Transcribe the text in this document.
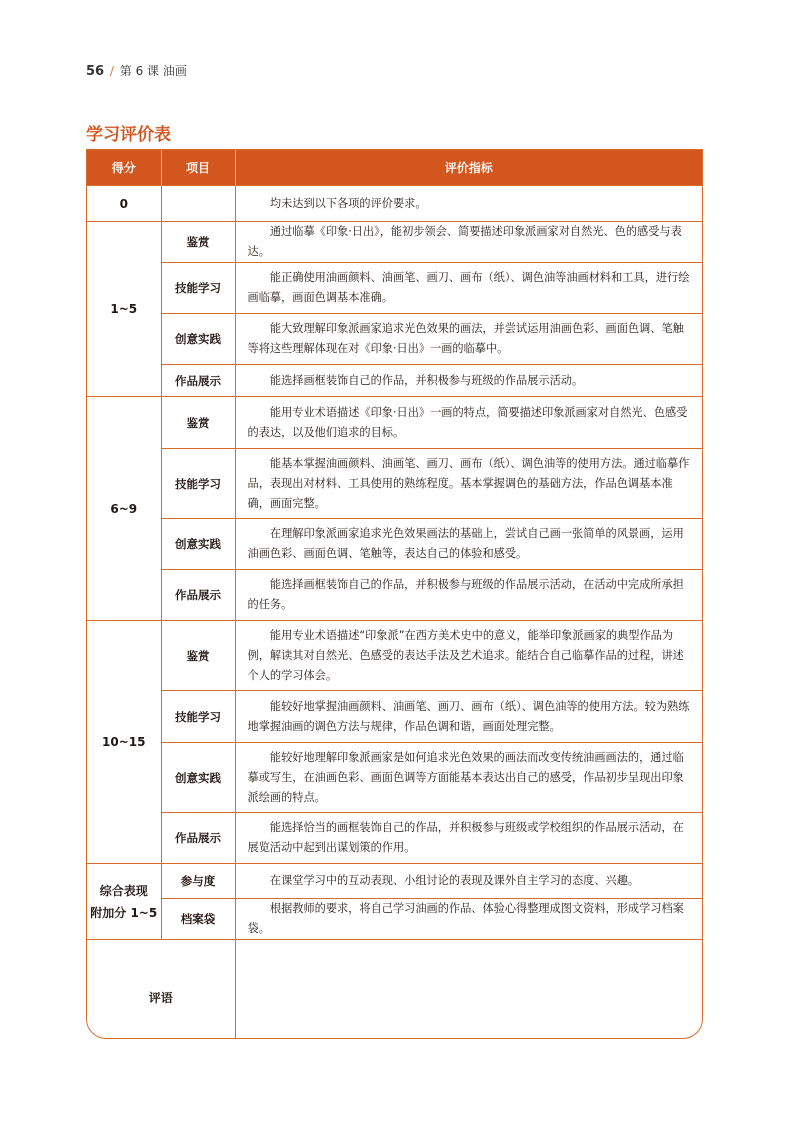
56 / 第 6 课 油画
学习评价表
得分	项目	评价指标
0		均未达到以下各项的评价要求。
1~5	鉴赏	通过临摹《印象·日出》，能初步领会、简要描述印象派画家对自然光、色的感受与表达。
	技能学习	能正确使用油画颜料、油画笔、画刀、画布（纸）、调色油等油画材料和工具，进行绘画临摹，画面色调基本准确。
	创意实践	能大致理解印象派画家追求光色效果的画法，并尝试运用油画色彩、画面色调、笔触等将这些理解体现在对《印象·日出》一画的临摹中。
	作品展示	能选择画框装饰自己的作品，并积极参与班级的作品展示活动。
6~9	鉴赏	能用专业术语描述《印象·日出》一画的特点，简要描述印象派画家对自然光、色感受的表达，以及他们追求的目标。
	技能学习	能基本掌握油画颜料、油画笔、画刀、画布（纸）、调色油等的使用方法。通过临摹作品，表现出对材料、工具使用的熟练程度。基本掌握调色的基础方法，作品色调基本准确，画面完整。
	创意实践	在理解印象派画家追求光色效果画法的基础上，尝试自己画一张简单的风景画，运用油画色彩、画面色调、笔触等，表达自己的体验和感受。
	作品展示	能选择画框装饰自己的作品，并积极参与班级的作品展示活动，在活动中完成所承担的任务。
10~15	鉴赏	能用专业术语描述“印象派”在西方美术史中的意义，能举印象派画家的典型作品为例，解读其对自然光、色感受的表达手法及艺术追求。能结合自己临摹作品的过程，讲述个人的学习体会。
	技能学习	能较好地掌握油画颜料、油画笔、画刀、画布（纸）、调色油等的使用方法。较为熟练地掌握油画的调色方法与规律，作品色调和谐，画面处理完整。
	创意实践	能较好地理解印象派画家是如何追求光色效果的画法而改变传统油画画法的，通过临摹或写生，在油画色彩、画面色调等方面能基本表达出自己的感受，作品初步呈现出印象派绘画的特点。
	作品展示	能选择恰当的画框装饰自己的作品，并积极参与班级或学校组织的作品展示活动，在展览活动中起到出谋划策的作用。

综合表现
附加分 1~5	参与度	在课堂学习中的互动表现、小组讨论的表现及课外自主学习的态度、兴趣。
	档案袋	根据教师的要求，将自己学习油画的作品、体验心得整理成图文资料，形成学习档案袋。
评语		
